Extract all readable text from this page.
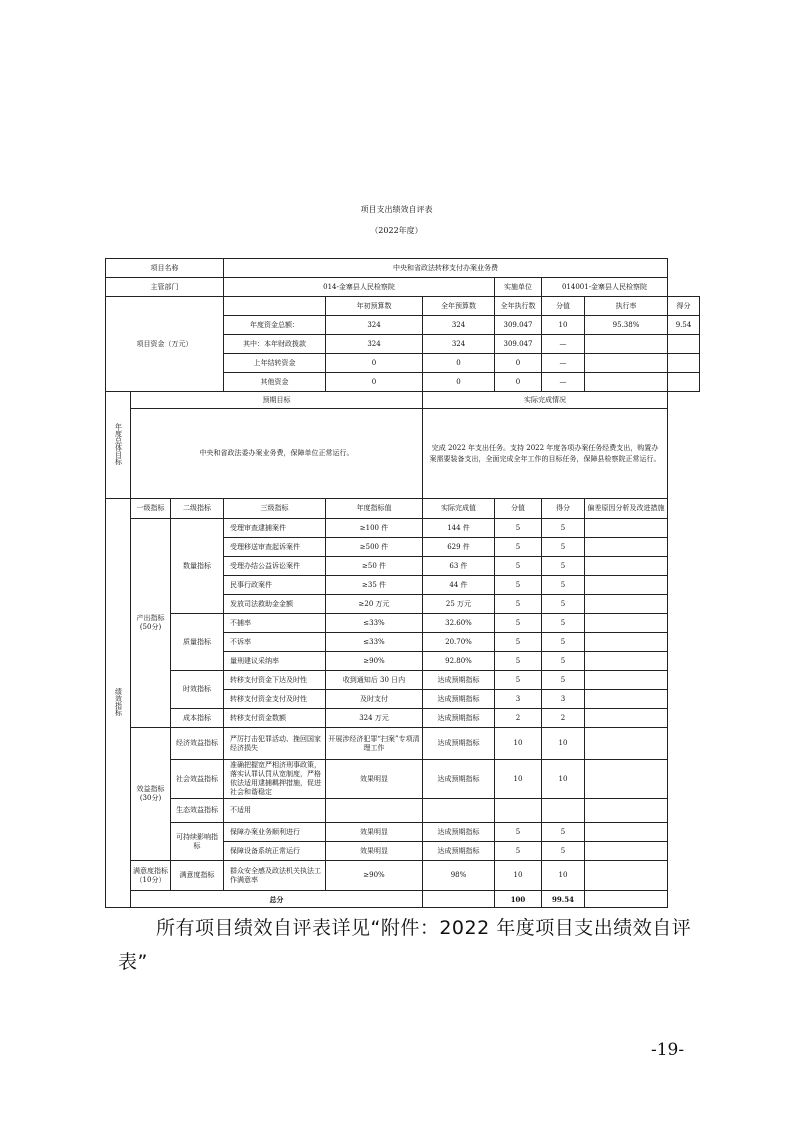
项目支出绩效自评表
（2022年度）
项目名称			中央和省政法转移支付办案业务费						
主管部门			014-金寨县人民检察院			实施单位	014001-金寨县人民检察院		
项目资金（万元）				年初预算数	全年预算数	全年执行数	分值	执行率	得分
			年度资金总额：	324	324	309.047	10	95.38%	9.54
			其中：本年财政拨款	324	324	309.047	—		
			上年结转资金	0	0	0	—		
			其他资金	0	0	0	—		
年度总体目标	预期目标				实际完成情况				
	中央和省政法委办案业务费，保障单位正常运行。				完成 2022 年支出任务。支持 2022 年度各项办案任务经费支出，购置办案需要装备支出，全面完成全年工作的目标任务，保障县检察院正常运行。				
绩效指标	一级指标	二级指标	三级指标	年度指标值	实际完成值	分值	得分	偏差原因分析及改进措施	
	产出指标(50分)	数量指标	受理审查逮捕案件	≥100 件	144 件	5	5		
			受理移送审查起诉案件	≥500 件	629 件	5	5		
			受理办结公益诉讼案件	≥50 件	63 件	5	5		
			民事行政案件	≥35 件	44 件	5	5		
			发放司法救助金金额	≥20 万元	25 万元	5	5		
		质量指标	不捕率	≤33%	32.60%	5	5		
			不诉率	≤33%	20.70%	5	5		
			量刑建议采纳率	≥90%	92.80%	5	5		
		时效指标	转移支付资金下达及时性	收到通知后 30 日内	达成预期指标	5	5		
			转移支付资金支付及时性	及时支付	达成预期指标	3	3		
		成本指标	转移支付资金数额	324 万元	达成预期指标	2	2		
	效益指标(30分)	经济效益指标	严厉打击犯罪活动、挽回国家经济损失	开展涉经济犯罪“扫案”专项清理工作	达成预期指标	10	10		
		社会效益指标	准确把握宽严相济刑事政策，落实认罪认罚从宽制度，严格依法适用逮捕羁押措施，促进社会和谐稳定	效果明显	达成预期指标	10	10		
		生态效益指标	不适用						
		可持续影响指标	保障办案业务顺利进行	效果明显	达成预期指标	5	5		
			保障设备系统正常运行	效果明显	达成预期指标	5	5		
	满意度指标（10分）	满意度指标	群众安全感及政法机关执法工作满意率	≥90%	98%	10	10		
	总分					100	99.54		
所有项目绩效自评表详见“附件：2022 年度项目支出绩效自评表”
-19-
